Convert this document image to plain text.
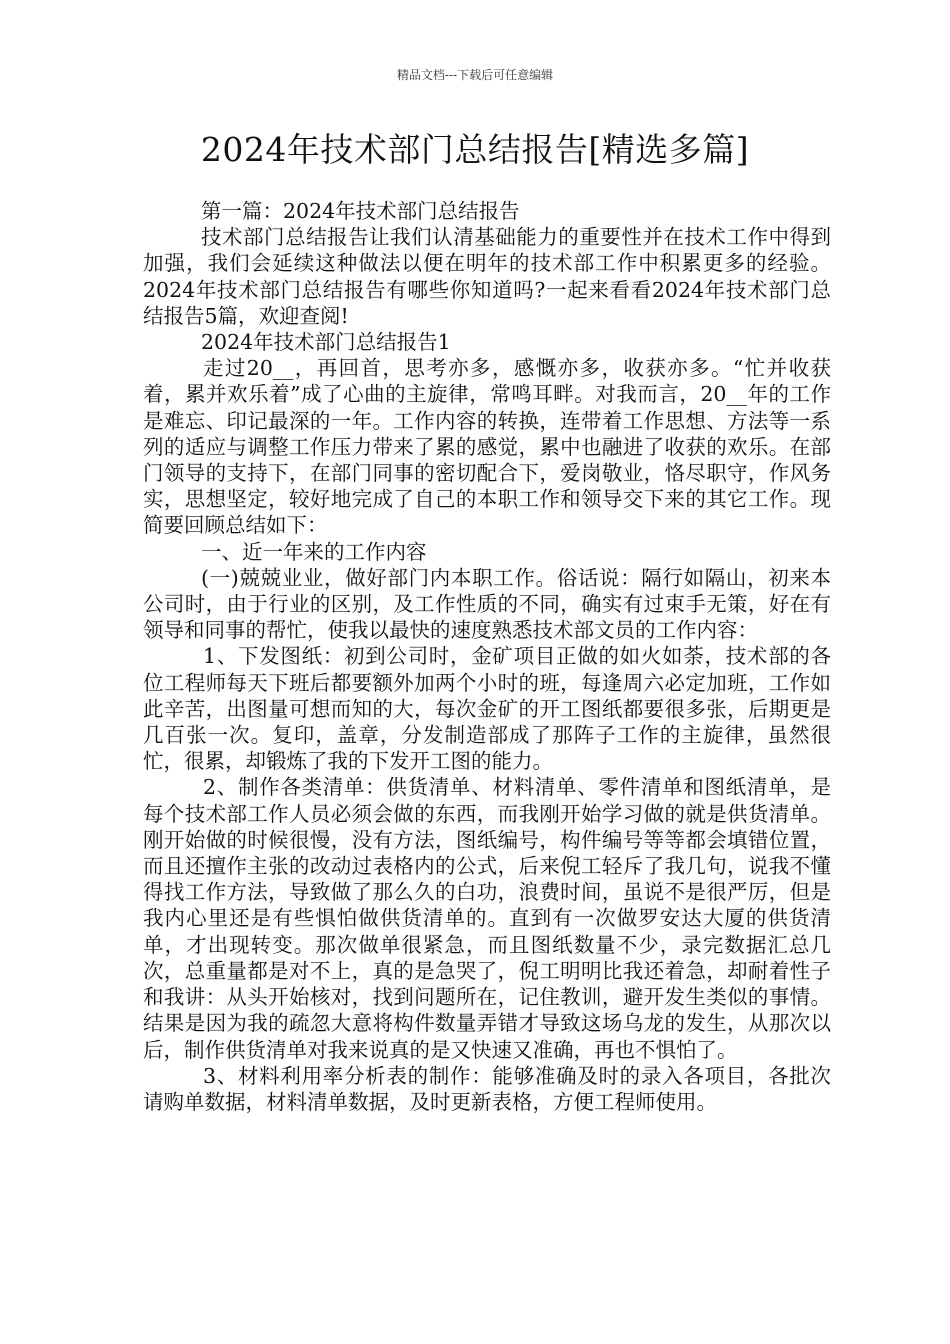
精品文档---下载后可任意编辑
2024年技术部门总结报告[精选多篇]

第一篇：2024年技术部门总结报告

技术部门总结报告让我们认清基础能力的重要性并在技术工作中得到加强，我们会延续这种做法以便在明年的技术部工作中积累更多的经验。2024年技术部门总结报告有哪些你知道吗?一起来看看2024年技术部门总结报告5篇，欢迎查阅!

2024年技术部门总结报告1

走过20__，再回首，思考亦多，感慨亦多，收获亦多。“忙并收获着，累并欢乐着”成了心曲的主旋律，常鸣耳畔。对我而言，20__年的工作是难忘、印记最深的一年。工作内容的转换，连带着工作思想、方法等一系列的适应与调整工作压力带来了累的感觉，累中也融进了收获的欢乐。在部门领导的支持下，在部门同事的密切配合下，爱岗敬业，恪尽职守，作风务实，思想坚定，较好地完成了自己的本职工作和领导交下来的其它工作。现简要回顾总结如下：

一、近一年来的工作内容

(一)兢兢业业，做好部门内本职工作。俗话说：隔行如隔山，初来本公司时，由于行业的区别，及工作性质的不同，确实有过束手无策，好在有领导和同事的帮忙，使我以最快的速度熟悉技术部文员的工作内容：

1、下发图纸：初到公司时，金矿项目正做的如火如荼，技术部的各位工程师每天下班后都要额外加两个小时的班，每逢周六必定加班，工作如此辛苦，出图量可想而知的大，每次金矿的开工图纸都要很多张，后期更是几百张一次。复印，盖章，分发制造部成了那阵子工作的主旋律，虽然很忙，很累，却锻炼了我的下发开工图的能力。

2、制作各类清单：供货清单、材料清单、零件清单和图纸清单，是每个技术部工作人员必须会做的东西，而我刚开始学习做的就是供货清单。刚开始做的时候很慢，没有方法，图纸编号，构件编号等等都会填错位置，而且还擅作主张的改动过表格内的公式，后来倪工轻斥了我几句，说我不懂得找工作方法，导致做了那么久的白功，浪费时间，虽说不是很严厉，但是我内心里还是有些惧怕做供货清单的。直到有一次做罗安达大厦的供货清单，才出现转变。那次做单很紧急，而且图纸数量不少，录完数据汇总几次，总重量都是对不上，真的是急哭了，倪工明明比我还着急，却耐着性子和我讲：从头开始核对，找到问题所在，记住教训，避开发生类似的事情。结果是因为我的疏忽大意将构件数量弄错才导致这场乌龙的发生，从那次以后，制作供货清单对我来说真的是又快速又准确，再也不惧怕了。

3、材料利用率分析表的制作：能够准确及时的录入各项目，各批次请购单数据，材料清单数据，及时更新表格，方便工程师使用。
